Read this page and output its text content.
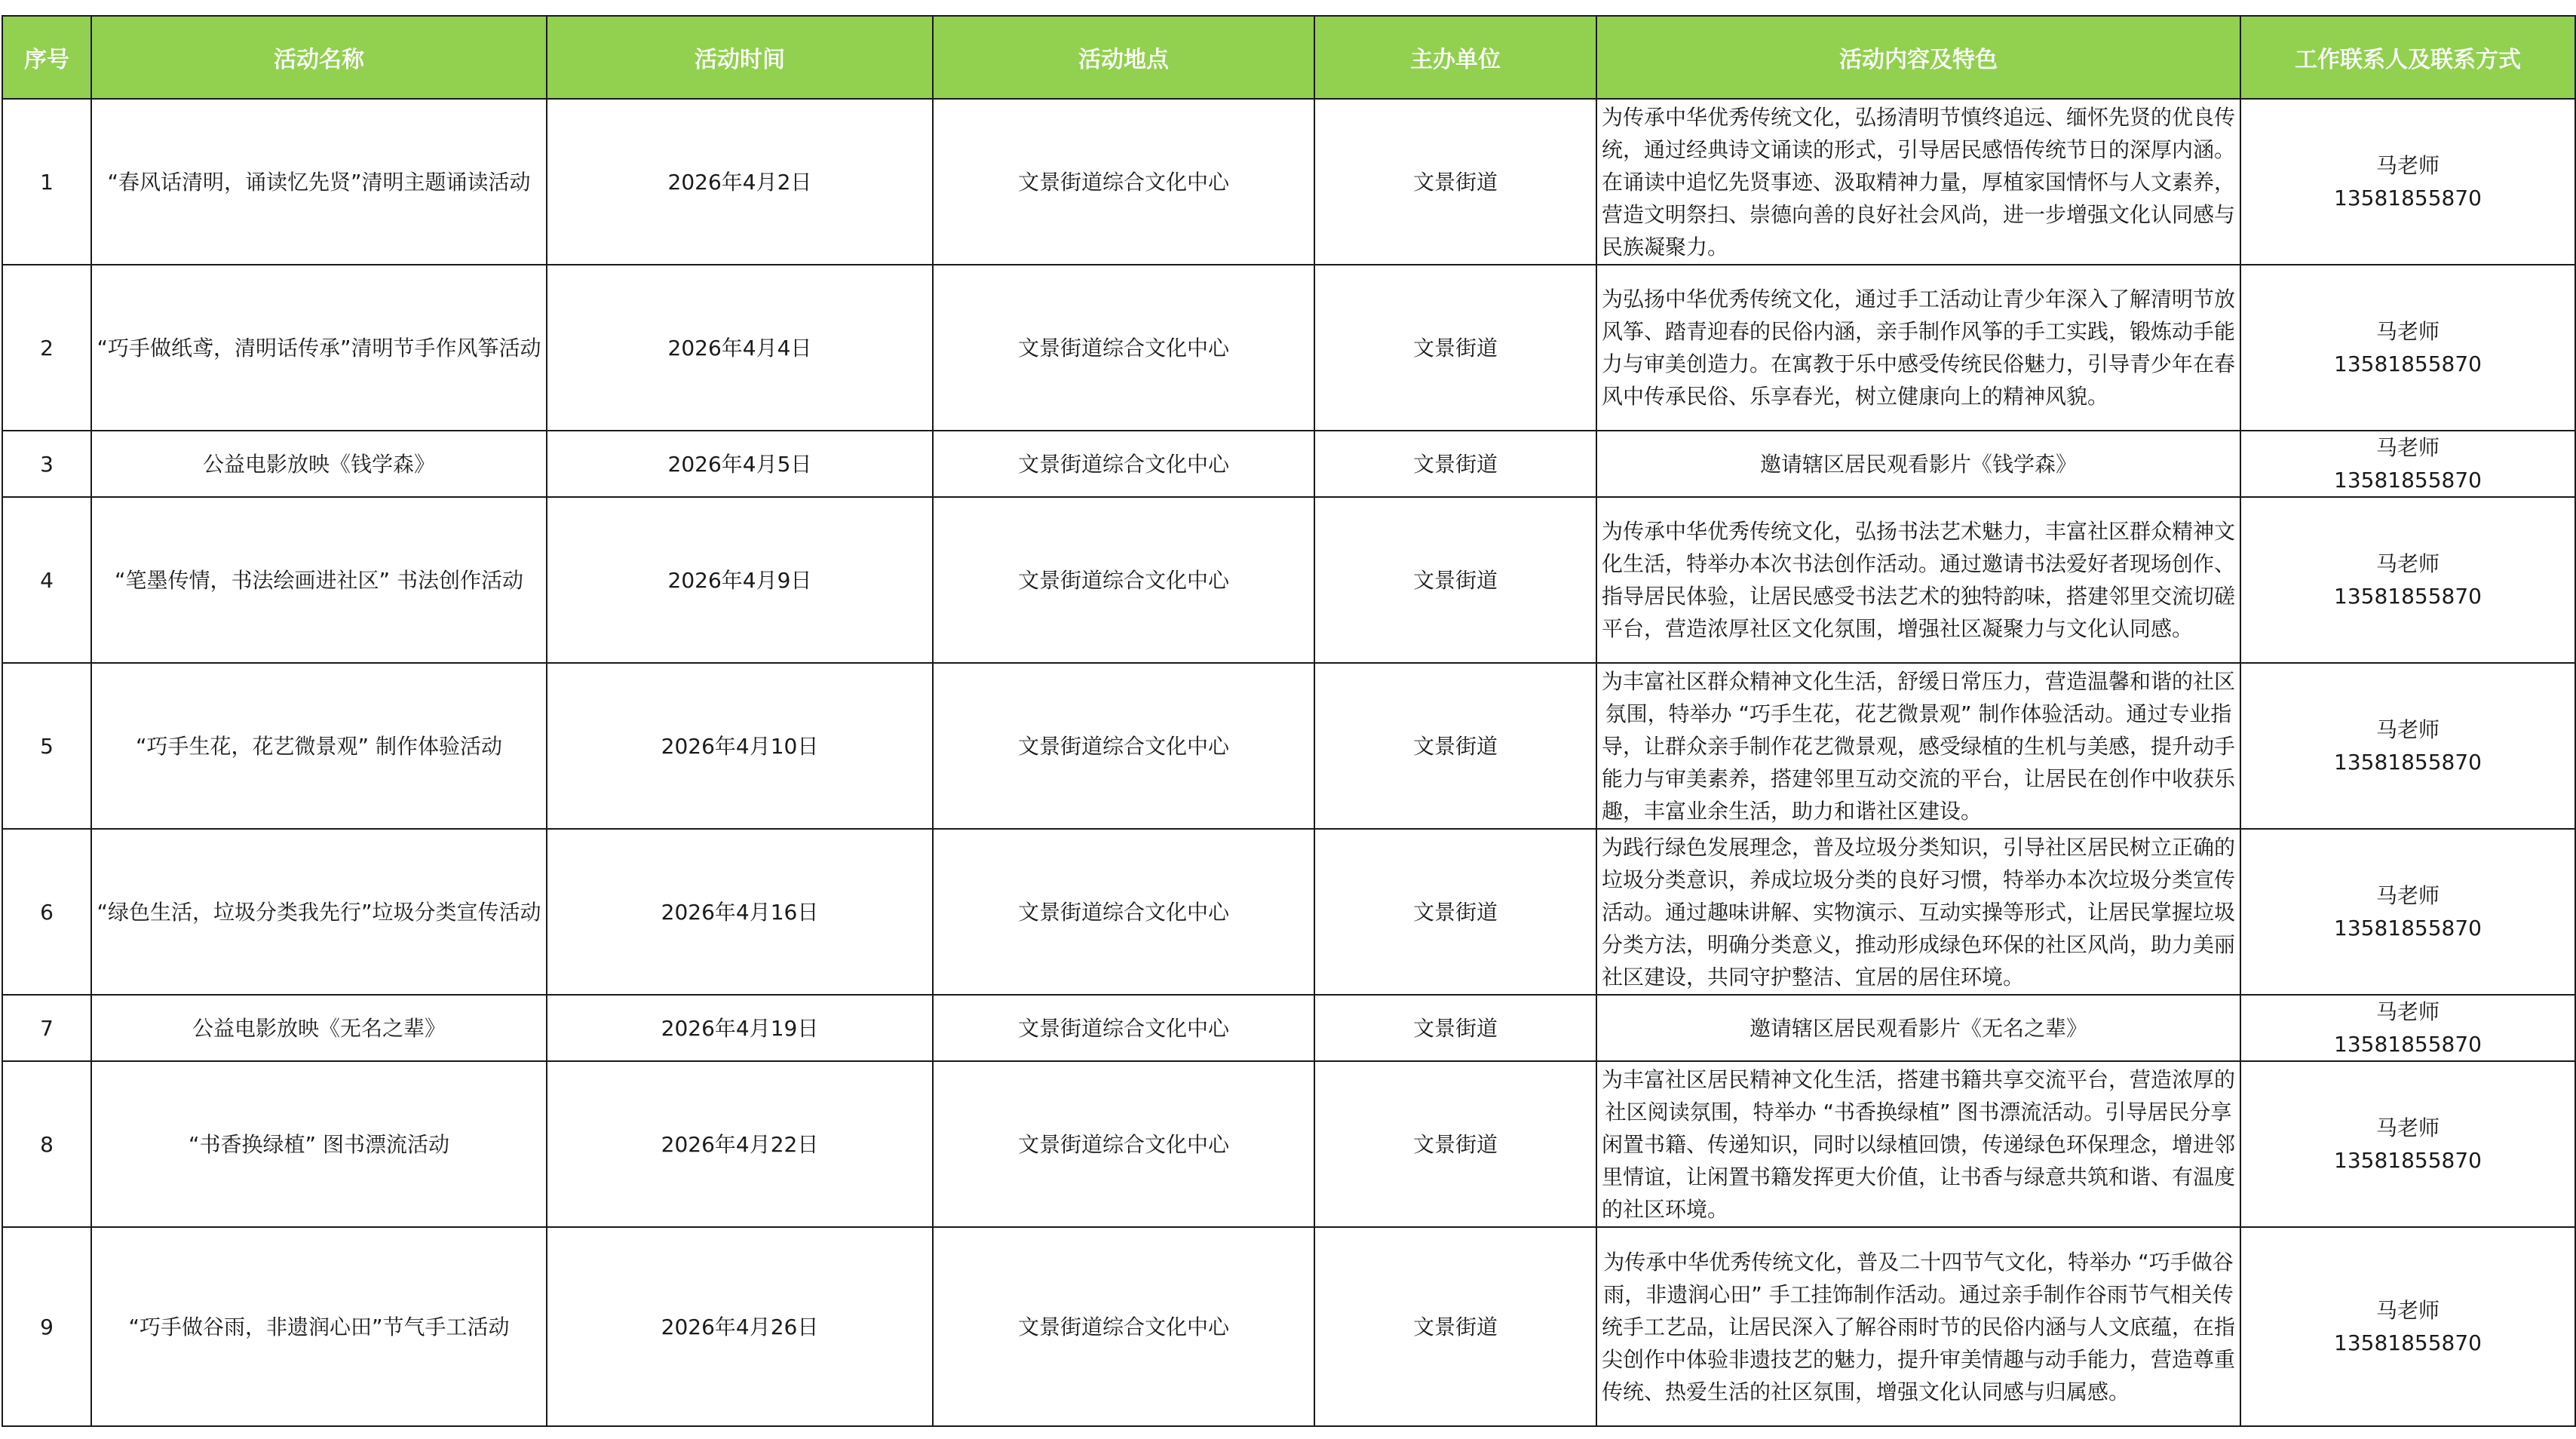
序号	活动名称	活动时间	活动地点	主办单位	活动内容及特色	工作联系人及联系方式
1	“春风话清明，诵读忆先贤”清明主题诵读活动	2026年4月2日	文景街道综合文化中心	文景街道	为传承中华优秀传统文化，弘扬清明节慎终追远、缅怀先贤的优良传统，通过经典诗文诵读的形式，引导居民感悟传统节日的深厚内涵。在诵读中追忆先贤事迹、汲取精神力量，厚植家国情怀与人文素养，营造文明祭扫、崇德向善的良好社会风尚，进一步增强文化认同感与民族凝聚力。	马老师
13581855870

2	“巧手做纸鸢，清明话传承”清明节手作风筝活动	2026年4月4日	文景街道综合文化中心	文景街道	为弘扬中华优秀传统文化，通过手工活动让青少年深入了解清明节放风筝、踏青迎春的民俗内涵，亲手制作风筝的手工实践，锻炼动手能力与审美创造力。在寓教于乐中感受传统民俗魅力，引导青少年在春风中传承民俗、乐享春光，树立健康向上的精神风貌。	马老师
13581855870

3	公益电影放映《钱学森》	2026年4月5日	文景街道综合文化中心	文景街道	邀请辖区居民观看影片《钱学森》	马老师
13581855870

4	“笔墨传情，书法绘画进社区” 书法创作活动	2026年4月9日	文景街道综合文化中心	文景街道	为传承中华优秀传统文化，弘扬书法艺术魅力，丰富社区群众精神文化生活，特举办本次书法创作活动。通过邀请书法爱好者现场创作、指导居民体验，让居民感受书法艺术的独特韵味，搭建邻里交流切磋平台，营造浓厚社区文化氛围，增强社区凝聚力与文化认同感。	马老师
13581855870

5	“巧手生花，花艺微景观” 制作体验活动	2026年4月10日	文景街道综合文化中心	文景街道	为丰富社区群众精神文化生活，舒缓日常压力，营造温馨和谐的社区氛围，特举办 “巧手生花，花艺微景观” 制作体验活动。通过专业指导，让群众亲手制作花艺微景观，感受绿植的生机与美感，提升动手能力与审美素养，搭建邻里互动交流的平台，让居民在创作中收获乐趣，丰富业余生活，助力和谐社区建设。	马老师
13581855870

6	“绿色生活，垃圾分类我先行”垃圾分类宣传活动	2026年4月16日	文景街道综合文化中心	文景街道	为践行绿色发展理念，普及垃圾分类知识，引导社区居民树立正确的垃圾分类意识，养成垃圾分类的良好习惯，特举办本次垃圾分类宣传活动。通过趣味讲解、实物演示、互动实操等形式，让居民掌握垃圾分类方法，明确分类意义，推动形成绿色环保的社区风尚，助力美丽社区建设，共同守护整洁、宜居的居住环境。	马老师
13581855870

7	公益电影放映《无名之辈》	2026年4月19日	文景街道综合文化中心	文景街道	邀请辖区居民观看影片《无名之辈》	马老师
13581855870

8	“书香换绿植” 图书漂流活动	2026年4月22日	文景街道综合文化中心	文景街道	为丰富社区居民精神文化生活，搭建书籍共享交流平台，营造浓厚的社区阅读氛围，特举办 “书香换绿植” 图书漂流活动。引导居民分享闲置书籍、传递知识，同时以绿植回馈，传递绿色环保理念，增进邻里情谊，让闲置书籍发挥更大价值，让书香与绿意共筑和谐、有温度的社区环境。	马老师
13581855870

9	“巧手做谷雨，非遗润心田”节气手工活动	2026年4月26日	文景街道综合文化中心	文景街道	为传承中华优秀传统文化，普及二十四节气文化，特举办 “巧手做谷雨，非遗润心田” 手工挂饰制作活动。通过亲手制作谷雨节气相关传统手工艺品，让居民深入了解谷雨时节的民俗内涵与人文底蕴，在指尖创作中体验非遗技艺的魅力，提升审美情趣与动手能力，营造尊重传统、热爱生活的社区氛围，增强文化认同感与归属感。	马老师
13581855870
